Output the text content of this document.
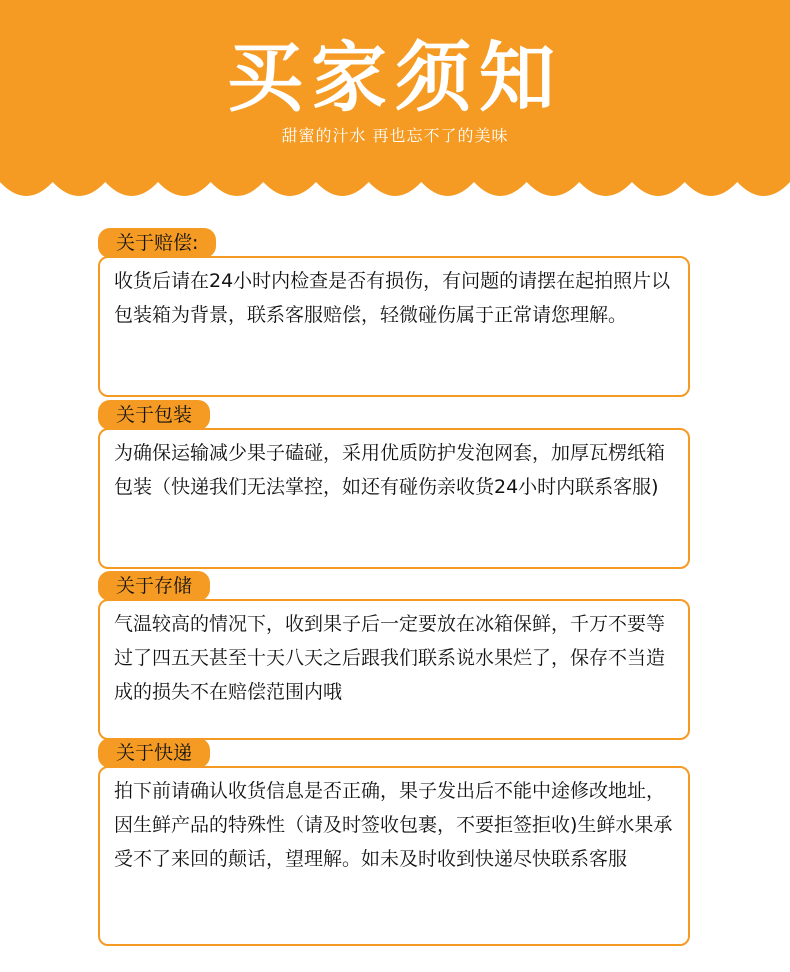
买家须知
甜蜜的汁水 再也忘不了的美味
收货后请在24小时内检查是否有损伤，有问题的请摆在起拍照片以包装箱为背景，联系客服赔偿，轻微碰伤属于正常请您理解。
关于赔偿:
为确保运输减少果子磕碰，采用优质防护发泡网套，加厚瓦楞纸箱包装（快递我们无法掌控，如还有碰伤亲收货24小时内联系客服)
关于包装
气温较高的情况下，收到果子后一定要放在冰箱保鲜，千万不要等过了四五天甚至十天八天之后跟我们联系说水果烂了，保存不当造成的损失不在赔偿范围内哦
关于存储
拍下前请确认收货信息是否正确，果子发出后不能中途修改地址，因生鲜产品的特殊性（请及时签收包裹，不要拒签拒收)生鲜水果承受不了来回的颠话，望理解。如未及时收到快递尽快联系客服
关于快递
